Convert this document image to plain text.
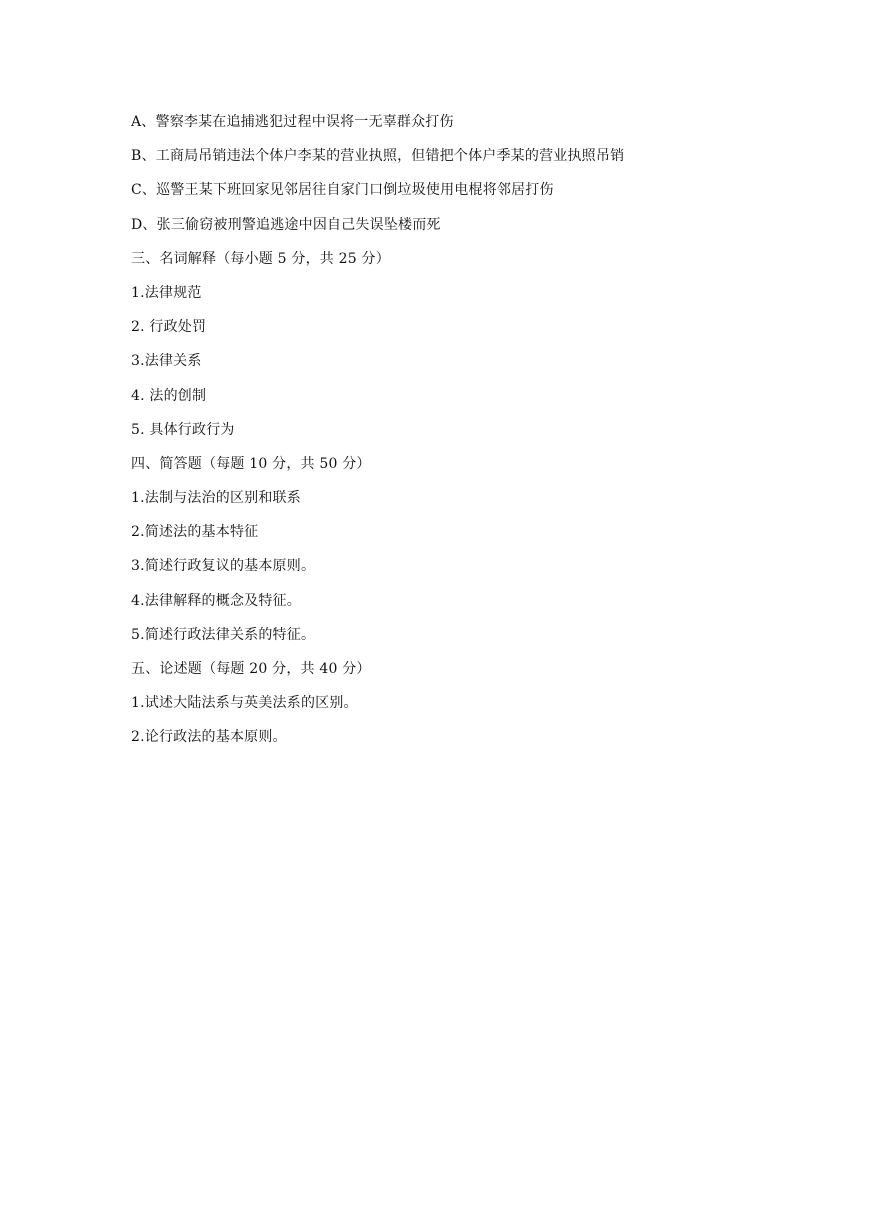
A、警察李某在追捕逃犯过程中误将一无辜群众打伤
B、工商局吊销违法个体户李某的营业执照，但错把个体户季某的营业执照吊销
C、巡警王某下班回家见邻居往自家门口倒垃圾使用电棍将邻居打伤
D、张三偷窃被刑警追逃途中因自己失误坠楼而死
三、名词解释（每小题 5 分，共 25 分）
1.法律规范
2. 行政处罚
3.法律关系
4. 法的创制
5. 具体行政行为
四、简答题（每题 10 分，共 50 分）
1.法制与法治的区别和联系
2.简述法的基本特征
3.简述行政复议的基本原则。
4.法律解释的概念及特征。
5.简述行政法律关系的特征。
五、论述题（每题 20 分，共 40 分）
1.试述大陆法系与英美法系的区别。
2.论行政法的基本原则。
